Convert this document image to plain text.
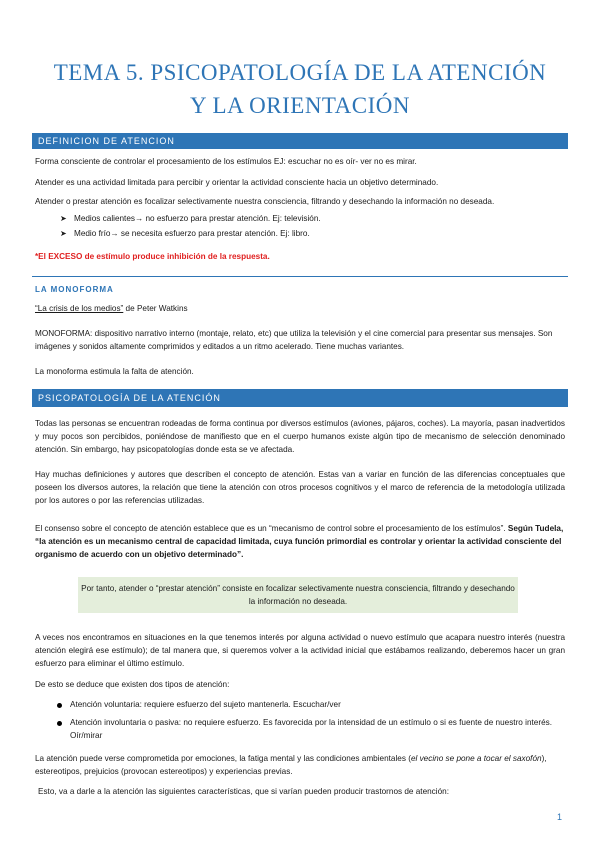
TEMA 5. PSICOPATOLOGÍA DE LA ATENCIÓN
Y LA ORIENTACIÓN
DEFINICION DE ATENCION
Forma consciente de controlar el procesamiento de los estímulos EJ: escuchar no es oír- ver no es mirar.
Atender es una actividad limitada para percibir y orientar la actividad consciente hacia un objetivo determinado.
Atender o prestar atención es focalizar selectivamente nuestra consciencia, filtrando y desechando la información no deseada.
➤ Medios calientes→ no esfuerzo para prestar atención. Ej: televisión.
➤ Medio frío→ se necesita esfuerzo para prestar atención. Ej: libro.
*El EXCESO de estímulo produce inhibición de la respuesta.
LA MONOFORMA
“La crisis de los medios” de Peter Watkins
MONOFORMA: dispositivo narrativo interno (montaje, relato, etc) que utiliza la televisión y el cine comercial para presentar sus mensajes. Son imágenes y sonidos altamente comprimidos y editados a un ritmo acelerado. Tiene muchas variantes.
La monoforma estimula la falta de atención.
PSICOPATOLOGÍA DE LA ATENCIÓN
Todas las personas se encuentran rodeadas de forma continua por diversos estímulos (aviones, pájaros, coches). La mayoría, pasan inadvertidos y muy pocos son percibidos, poniéndose de manifiesto que en el cuerpo humanos existe algún tipo de mecanismo de selección denominado atención. Sin embargo, hay psicopatologías donde esta se ve afectada.
Hay muchas definiciones y autores que describen el concepto de atención. Estas van a variar en función de las diferencias conceptuales que poseen los diversos autores, la relación que tiene la atención con otros procesos cognitivos y el marco de referencia de la metodología utilizada por los autores o por las referencias utilizadas.
El consenso sobre el concepto de atención establece que es un “mecanismo de control sobre el procesamiento de los estímulos”. Según Tudela, “la atención es un mecanismo central de capacidad limitada, cuya función primordial es controlar y orientar la actividad consciente del organismo de acuerdo con un objetivo determinado”.
Por tanto, atender o “prestar atención” consiste en focalizar selectivamente nuestra consciencia, filtrando y desechando la información no deseada.
A veces nos encontramos en situaciones en la que tenemos interés por alguna actividad o nuevo estímulo que acapara nuestro interés (nuestra atención elegirá ese estímulo); de tal manera que, si queremos volver a la actividad inicial que estábamos realizando, deberemos hacer un gran esfuerzo para eliminar el último estímulo.
De esto se deduce que existen dos tipos de atención:
Atención voluntaria: requiere esfuerzo del sujeto mantenerla. Escuchar/ver
Atención involuntaria o pasiva: no requiere esfuerzo. Es favorecida por la intensidad de un estímulo o si es fuente de nuestro interés. Oír/mirar
La atención puede verse comprometida por emociones, la fatiga mental y las condiciones ambientales (el vecino se pone a tocar el saxofón), estereotipos, prejuicios (provocan estereotipos) y experiencias previas.
Esto, va a darle a la atención las siguientes características, que si varían pueden producir trastornos de atención:
1
